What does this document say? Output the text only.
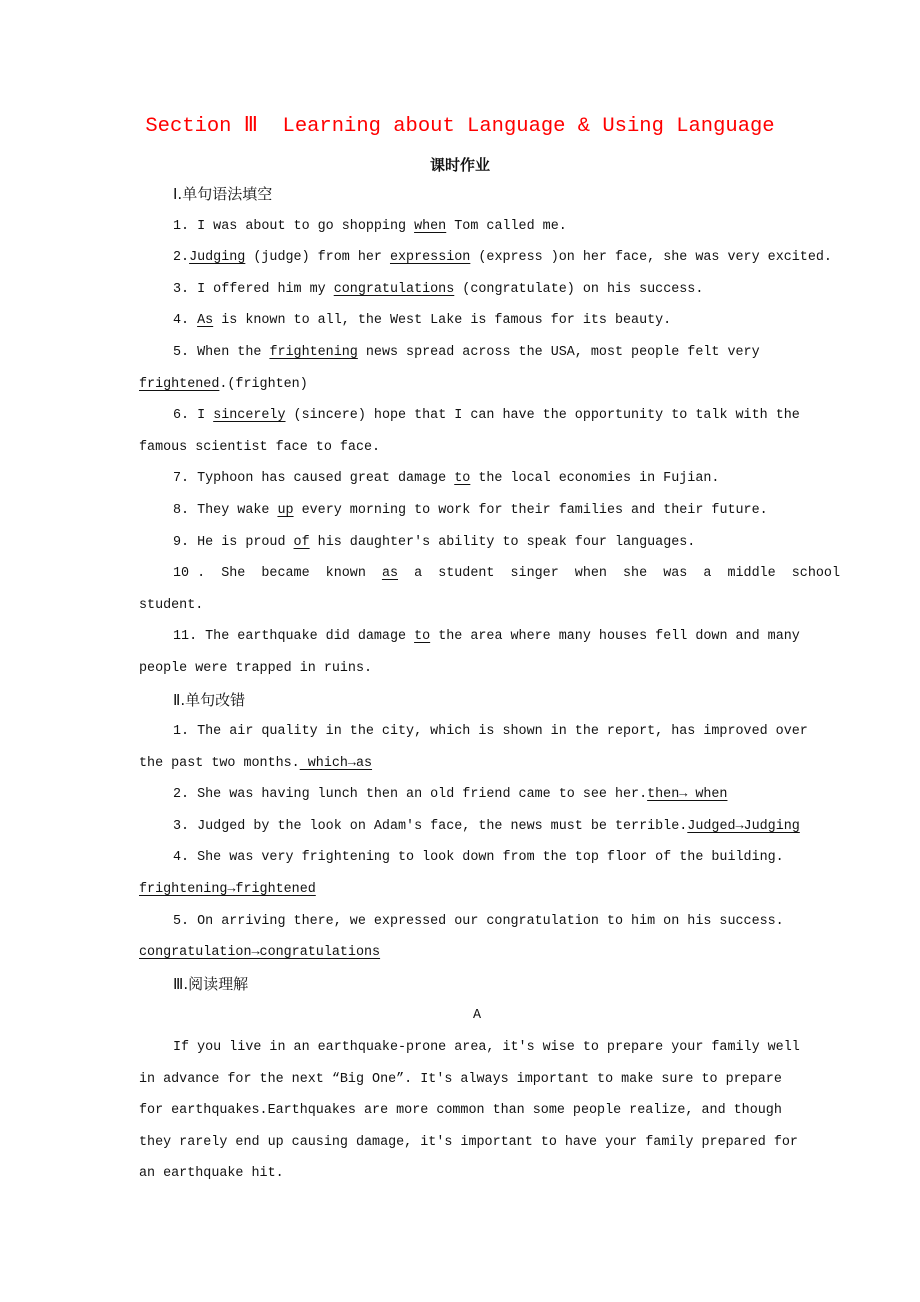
Section Ⅲ  Learning about Language & Using Language
课时作业
Ⅰ.单句语法填空
1. I was about to go shopping when Tom called me.
2.Judging (judge) from her expression (express )on her face, she was very excited.
3. I offered him my congratulations (congratulate) on his success.
4. As is known to all, the West Lake is famous for its beauty.
5. When the frightening news spread across the USA, most people felt very
frightened.(frighten)
6. I sincerely (sincere) hope that I can have the opportunity to talk with the
famous scientist face to face.
7. Typhoon has caused great damage to the local economies in Fujian.
8. They wake up every morning to work for their families and their future.
9. He is proud of his daughter's ability to speak four languages.
10 .  She  became  known  as  a  student  singer  when  she  was  a  middle  school
student.
11. The earthquake did damage to the area where many houses fell down and many
people were trapped in ruins.
Ⅱ.单句改错
1. The air quality in the city, which is shown in the report, has improved over
the past two months. which→as
2. She was having lunch then an old friend came to see her.then→ when
3. Judged by the look on Adam's face, the news must be terrible.Judged→Judging
4. She was very frightening to look down from the top floor of the building.
frightening→frightened
5. On arriving there, we expressed our congratulation to him on his success.
congratulation→congratulations
Ⅲ.阅读理解
A
If you live in an earthquake-prone area, it's wise to prepare your family well
in advance for the next “Big One”. It's always important to make sure to prepare
for earthquakes.Earthquakes are more common than some people realize, and though
they rarely end up causing damage, it's important to have your family prepared for
an earthquake hit.
